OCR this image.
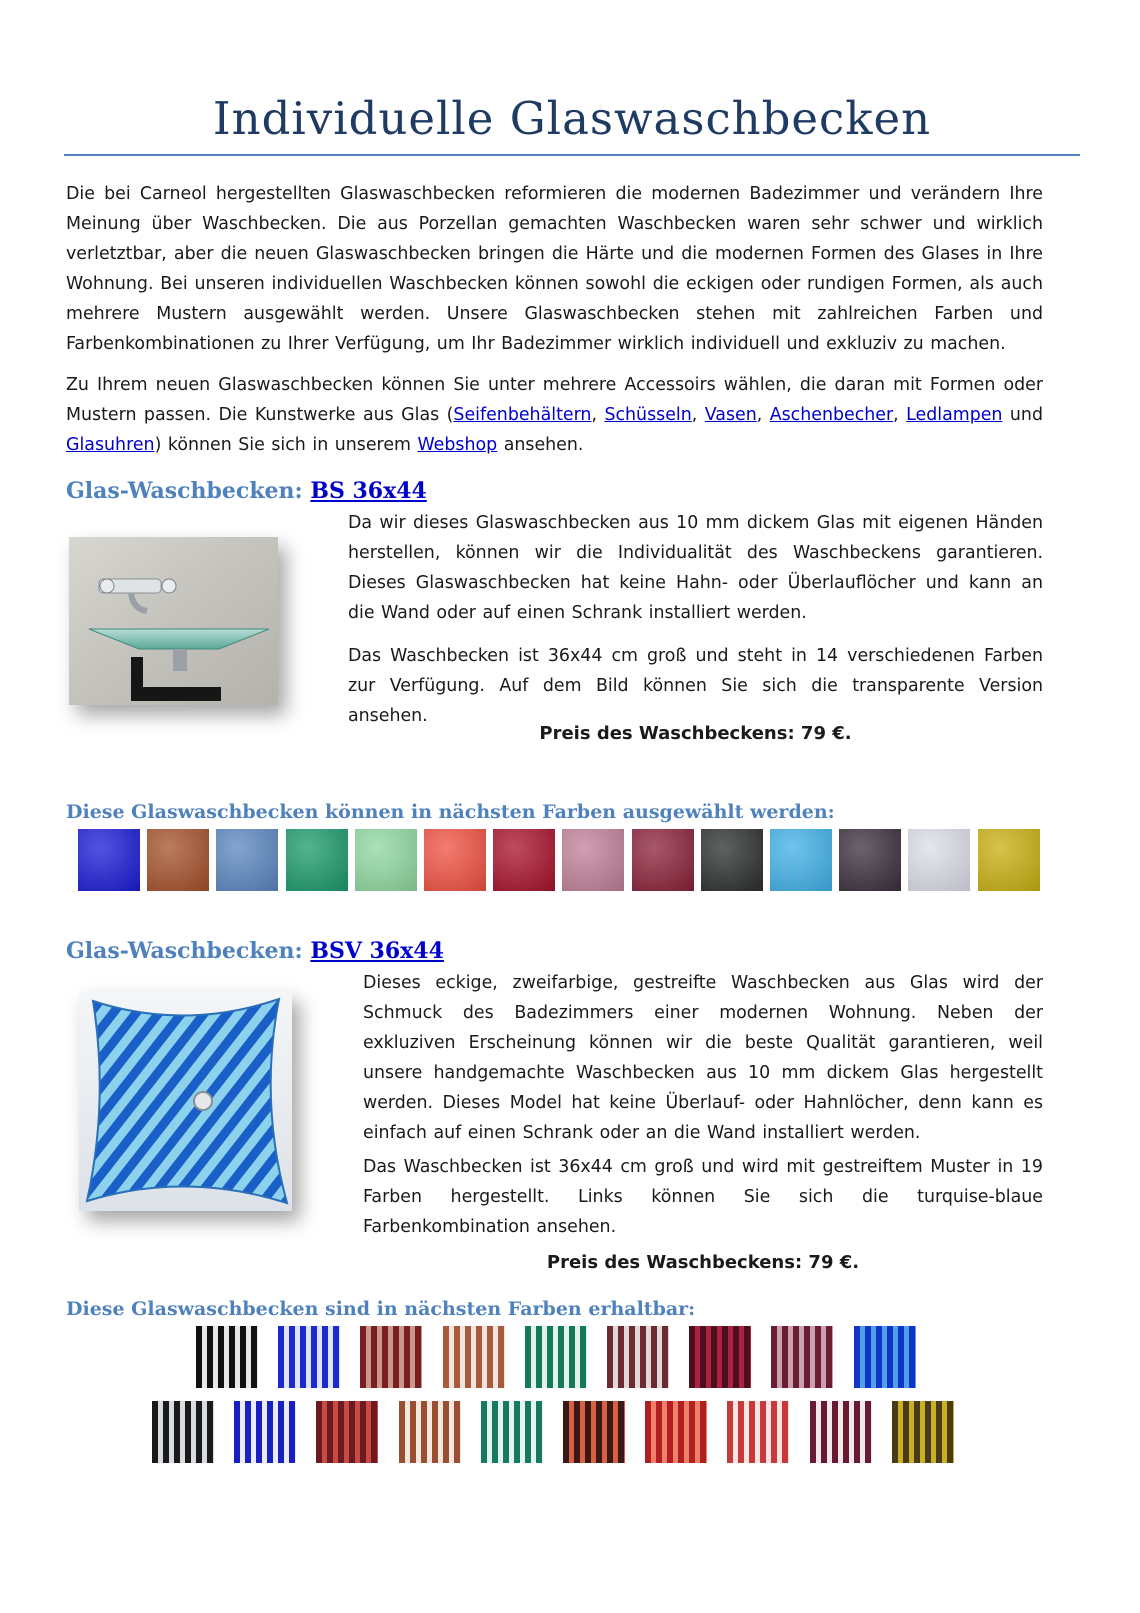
Individuelle Glaswaschbecken

Die bei Carneol hergestellten Glaswaschbecken reformieren die modernen Badezimmer und verändern Ihre Meinung über Waschbecken. Die aus Porzellan gemachten Waschbecken waren sehr schwer und wirklich verletztbar, aber die neuen Glaswaschbecken bringen die Härte und die modernen Formen des Glases in Ihre Wohnung. Bei unseren individuellen Waschbecken können sowohl die eckigen oder rundigen Formen, als auch mehrere Mustern ausgewählt werden. Unsere Glaswaschbecken stehen mit zahlreichen Farben und Farbenkombinationen zu Ihrer Verfügung, um Ihr Badezimmer wirklich individuell und exkluziv zu machen.

Zu Ihrem neuen Glaswaschbecken können Sie unter mehrere Accessoirs wählen, die daran mit Formen oder Mustern passen. Die Kunstwerke aus Glas (Seifenbehältern, Schüsseln, Vasen, Aschenbecher, Ledlampen und Glasuhren) können Sie sich in unserem Webshop ansehen.

Glas-Waschbecken: BS 36x44

Da wir dieses Glaswaschbecken aus 10 mm dickem Glas mit eigenen Händen herstellen, können wir die Individualität des Waschbeckens garantieren. Dieses Glaswaschbecken hat keine Hahn- oder Überlauflöcher und kann an die Wand oder auf einen Schrank installiert werden.

Das Waschbecken ist 36x44 cm groß und steht in 14 verschiedenen Farben zur Verfügung. Auf dem Bild können Sie sich die transparente Version ansehen.

Preis des Waschbeckens: 79 €.

Diese Glaswaschbecken können in nächsten Farben ausgewählt werden:
Glas-Waschbecken: BSV 36x44

Dieses eckige, zweifarbige, gestreifte Waschbecken aus Glas wird der Schmuck des Badezimmers einer modernen Wohnung. Neben der exkluziven Erscheinung können wir die beste Qualität garantieren, weil unsere handgemachte Waschbecken aus 10 mm dickem Glas hergestellt werden. Dieses Model hat keine Überlauf- oder Hahnlöcher, denn kann es einfach auf einen Schrank oder an die Wand installiert werden.

Das Waschbecken ist 36x44 cm groß und wird mit gestreiftem Muster in 19 Farben hergestellt. Links können Sie sich die turquise-blaue Farbenkombination ansehen.

Preis des Waschbeckens: 79 €.

Diese Glaswaschbecken sind in nächsten Farben erhaltbar:
